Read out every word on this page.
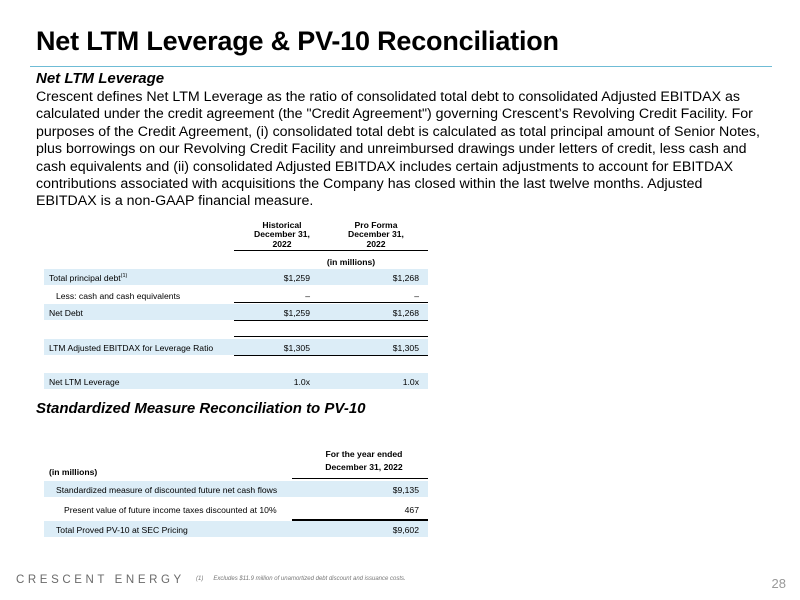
Net LTM Leverage & PV-10 Reconciliation
Net LTM Leverage
Crescent defines Net LTM Leverage as the ratio of consolidated total debt to consolidated Adjusted EBITDAX as calculated under the credit agreement (the "Credit Agreement") governing Crescent’s Revolving Credit Facility. For purposes of the Credit Agreement, (i) consolidated total debt is calculated as total principal amount of Senior Notes, plus borrowings on our Revolving Credit Facility and unreimbursed drawings under letters of credit, less cash and cash equivalents and (ii) consolidated Adjusted EBITDAX includes certain adjustments to account for EBITDAX contributions associated with acquisitions the Company has closed within the last twelve months. Adjusted EBITDAX is a non-GAAP financial measure.
Historical
December 31,
2022
Pro Forma
December 31,
2022
(in millions)
Total principal debt$^{(1)}$	$1,259	$1,268
Less: cash and cash equivalents	–	–
Net Debt	$1,259	$1,268
LTM Adjusted EBITDAX for Leverage Ratio	$1,305	$1,305
Net LTM Leverage	1.0x	1.0x
Standardized Measure Reconciliation to PV-10
For the year ended
December 31, 2022
(in millions)
Standardized measure of discounted future net cash flows	$9,135
Present value of future income taxes discounted at 10%	467
Total Proved PV-10 at SEC Pricing	$9,602
CRESCENT ENERGY (1) Excludes $11.9 million of unamortized debt discount and issuance costs.	28
